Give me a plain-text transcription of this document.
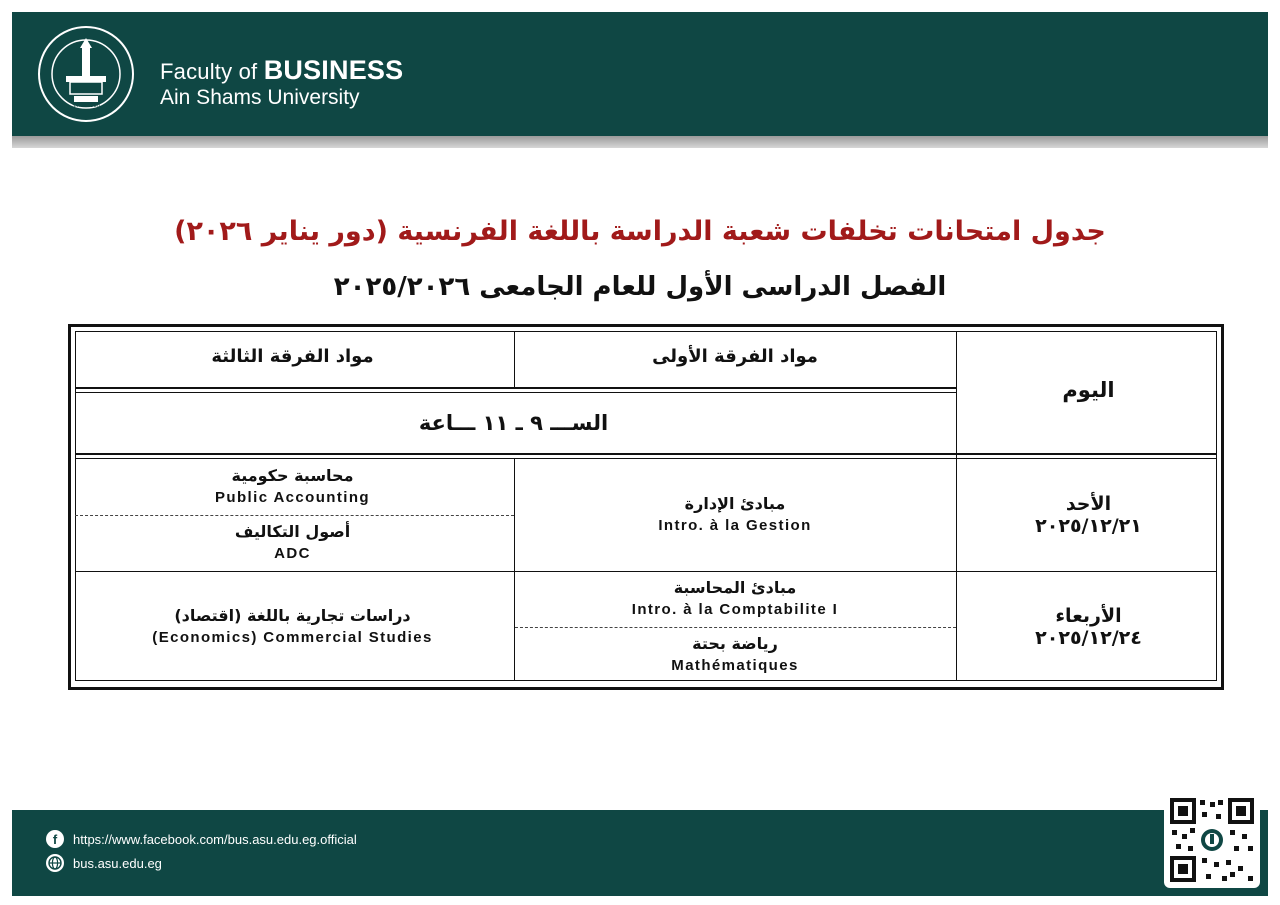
Since 1950
Faculty of BUSINESS
Ain Shams University
جدول امتحانات تخلفات شعبة الدراسة باللغة الفرنسية (دور يناير ٢٠٢٦)
الفصل الدراسى الأول للعام الجامعى ٢٠٢٥/٢٠٢٦
اليوم
مواد الفرقة الأولى
مواد الفرقة الثالثة
الســـ ٩ ـ ١١ ـــاعة
الأحد
٢٠٢٥/١٢/٢١
مبادئ الإدارة
Intro. à la Gestion
محاسبة حكومية
Public Accounting
أصول التكاليف
ADC
الأربعاء
٢٠٢٥/١٢/٢٤
مبادئ المحاسبة
Intro. à la Comptabilite I
رياضة بحتة
Mathématiques
دراسات تجارية باللغة (اقتصاد)
(Economics) Commercial Studies
f	https://www.facebook.com/bus.asu.edu.eg.official
bus.asu.edu.eg
